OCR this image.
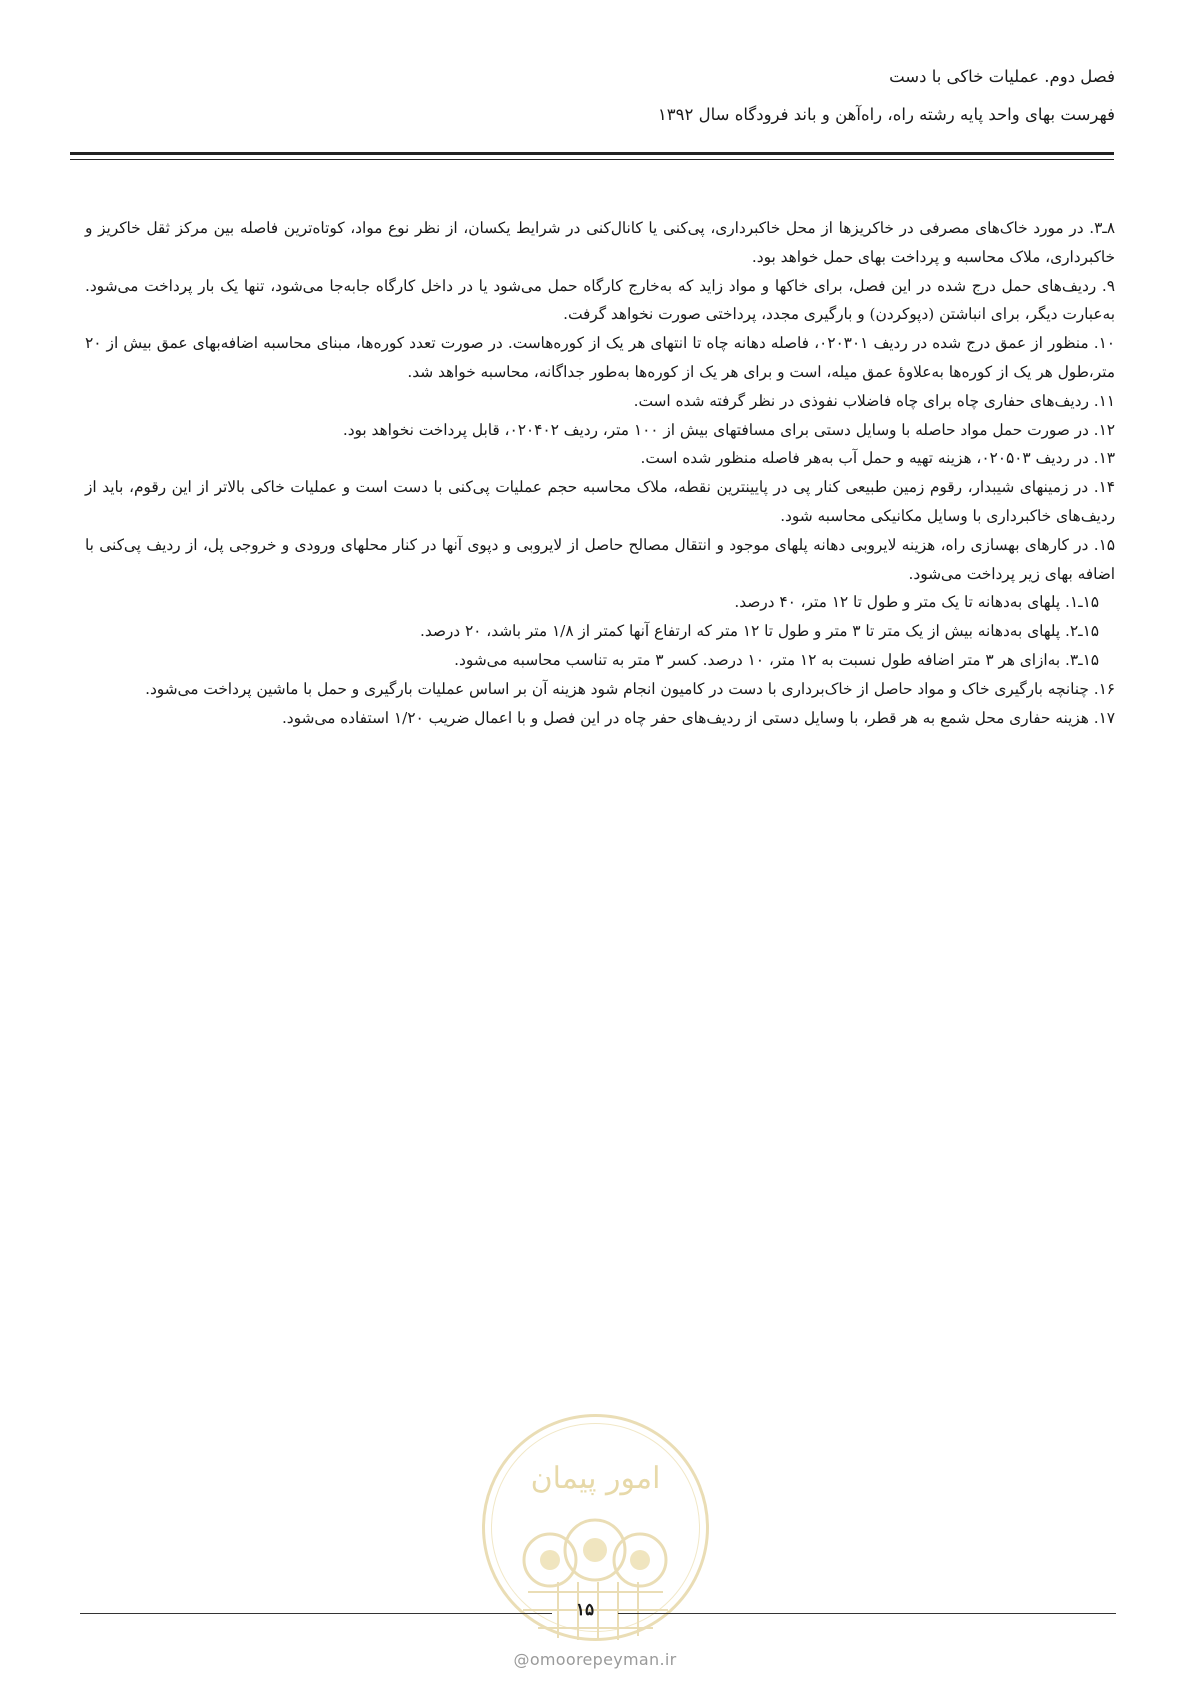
فصل دوم. عملیات خاکی با دست
فهرست بهای واحد پایه رشته راه، راه‌آهن و باند فرودگاه سال ۱۳۹۲

۸ـ۳. در مورد خاک‌های مصرفی در خاکریزها از محل خاکبرداری، پی‌کنی یا کانال‌کنی در شرایط یکسان، از نظر نوع مواد، کوتاه‌ترین فاصله بین مرکز ثقل خاکریز و خاکبرداری، ملاک محاسبه و پرداخت بهای حمل خواهد بود.

۹. ردیف‌های حمل درج شده در این فصل، برای خاکها و مواد زاید که به‌خارج کارگاه حمل می‌شود یا در داخل کارگاه جابه‌جا می‌شود، تنها یک بار پرداخت می‌شود. به‌عبارت دیگر، برای انباشتن (دپوکردن) و بارگیری مجدد، پرداختی صورت نخواهد گرفت.

۱۰. منظور از عمق درج شده در ردیف ۰۲۰۳۰۱، فاصله دهانه چاه تا انتهای هر یک از کوره‌هاست. در صورت تعدد کوره‌ها، مبنای محاسبه اضافه‌بهای عمق بیش از ۲۰ متر،طول هر یک از کوره‌ها به‌علاوهٔ عمق میله، است و برای هر یک از کوره‌ها به‌طور جداگانه، محاسبه خواهد شد.

۱۱. ردیف‌های حفاری چاه برای چاه فاضلاب نفوذی در نظر گرفته شده است.

۱۲. در صورت حمل مواد حاصله با وسایل دستی برای مسافتهای بیش از ۱۰۰ متر، ردیف ۰۲۰۴۰۲، قابل پرداخت نخواهد بود.

۱۳. در ردیف ۰۲۰۵۰۳، هزینه تهیه و حمل آب به‌هر فاصله منظور شده است.

۱۴. در زمینهای شیبدار، رقوم زمین طبیعی کنار پی در پایینترین نقطه، ملاک محاسبه حجم عملیات پی‌کنی با دست است و عملیات خاکی بالاتر از این رقوم، باید از ردیف‌های خاکبرداری با وسایل مکانیکی محاسبه شود.

۱۵. در کارهای بهسازی راه، هزینه لایروبی دهانه پلهای موجود و انتقال مصالح حاصل از لایروبی و دپوی آنها در کنار محلهای ورودی و خروجی پل، از ردیف پی‌کنی با اضافه بهای زیر پرداخت می‌شود.

۱۵ـ۱. پلهای به‌دهانه تا یک متر و طول تا ۱۲ متر، ۴۰ درصد.

۱۵ـ۲. پلهای به‌دهانه بیش از یک متر تا ۳ متر و طول تا ۱۲ متر که ارتفاع آنها کمتر از ۱/۸ متر باشد، ۲۰ درصد.

۱۵ـ۳. به‌ازای هر ۳ متر اضافه طول نسبت به ۱۲ متر، ۱۰ درصد. کسر ۳ متر به تناسب محاسبه می‌شود.

۱۶. چنانچه بارگیری خاک و مواد حاصل از خاک‌برداری با دست در کامیون انجام شود هزینه آن بر اساس عملیات بارگیری و حمل با ماشین پرداخت می‌شود.

۱۷. هزینه حفاری محل شمع به هر قطر، با وسایل دستی از ردیف‌های حفر چاه در این فصل و با اعمال ضریب ۱/۲۰ استفاده می‌شود.

امور پیمان
۱۵
@omoorepeyman.ir
